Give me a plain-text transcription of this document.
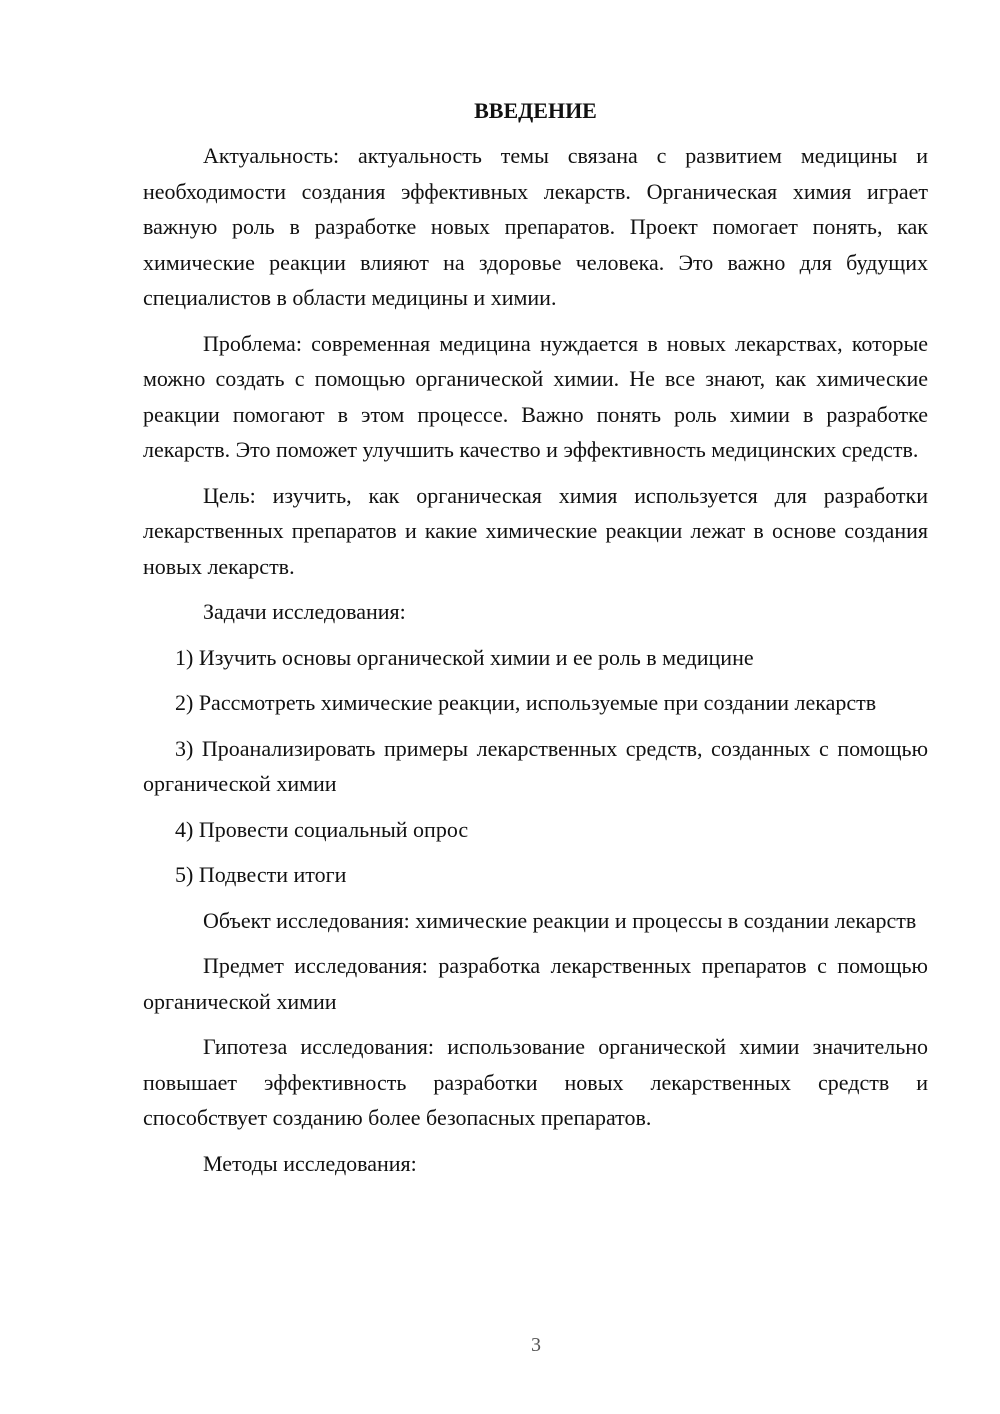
ВВЕДЕНИЕ

Актуальность: актуальность темы связана с развитием медицины и необходимости создания эффективных лекарств. Органическая химия играет важную роль в разработке новых препаратов. Проект помогает понять, как химические реакции влияют на здоровье человека. Это важно для будущих специалистов в области медицины и химии.

Проблема: современная медицина нуждается в новых лекарствах, которые можно создать с помощью органической химии. Не все знают, как химические реакции помогают в этом процессе. Важно понять роль химии в разработке лекарств. Это поможет улучшить качество и эффективность медицинских средств.

Цель: изучить, как органическая химия используется для разработки лекарственных препаратов и какие химические реакции лежат в основе создания новых лекарств.

Задачи исследования:

1) Изучить основы органической химии и ее роль в медицине

2) Рассмотреть химические реакции, используемые при создании лекарств

3) Проанализировать примеры лекарственных средств, созданных с помощью органической химии

4) Провести социальный опрос

5) Подвести итоги

Объект исследования: химические реакции и процессы в создании лекарств

Предмет исследования: разработка лекарственных препаратов с помощью органической химии

Гипотеза исследования: использование органической химии значительно повышает эффективность разработки новых лекарственных средств и способствует созданию более безопасных препаратов.

Методы исследования:

3
